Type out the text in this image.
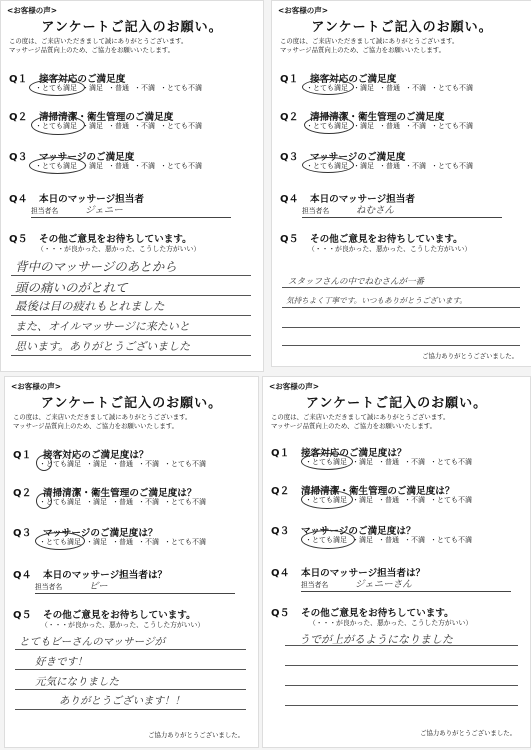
<お客様の声>
アンケートご記入のお願い。
この度は、ご来店いただきまして誠にありがとうございます。
マッサージ品質向上のため、ご協力をお願いいたします。
Q１ 接客対応のご満足度
・とても満足 ・満足 ・普通 ・不満 ・とても不満
Q２ 清掃清潔・衛生管理のご満足度
・とても満足 ・満足 ・普通 ・不満 ・とても不満
Q３ マッサージのご満足度
・とても満足 ・満足 ・普通 ・不満 ・とても不満
Q４ 本日のマッサージ担当者
担当者名	ジェニー
Q５ その他ご意見をお待ちしています。
（・・・が良かった、悪かった、こうした方がいい）
背中のマッサージのあとから
頭の痛いのがとれて
最後は目の疲れもとれました
また、オイルマッサージに来たいと
思います。ありがとうございました
<お客様の声>
アンケートご記入のお願い。
この度は、ご来店いただきまして誠にありがとうございます。
マッサージ品質向上のため、ご協力をお願いいたします。
Q１ 接客対応のご満足度
・とても満足 ・満足 ・普通 ・不満 ・とても不満
Q２ 清掃清潔・衛生管理のご満足度
・とても満足 ・満足 ・普通 ・不満 ・とても不満
Q３ マッサージのご満足度
・とても満足 ・満足 ・普通 ・不満 ・とても不満
Q４ 本日のマッサージ担当者
担当者名	ねむさん
Q５ その他ご意見をお待ちしています。
（・・・が良かった、悪かった、こうした方がいい）
スタッフさんの中でねむさんが一番
気持ちよく丁寧です。いつもありがとうございます。
ご協力ありがとうございました。
<お客様の声>
アンケートご記入のお願い。
この度は、ご来店いただきまして誠にありがとうございます。
マッサージ品質向上のため、ご協力をお願いいたします。
Q１ 接客対応のご満足度は？
・とても満足 ・満足 ・普通 ・不満 ・とても不満
Q２ 清掃清潔・衛生管理のご満足度は？
・とても満足 ・満足 ・普通 ・不満 ・とても不満
Q３ マッサージのご満足度は？
・とても満足 ・満足 ・普通 ・不満 ・とても不満
Q４ 本日のマッサージ担当者は？
担当者名	ビー
Q５ その他ご意見をお待ちしています。
（・・・が良かった、悪かった、こうした方がいい）
とてもビーさんのマッサージが
好きです！
元気になりました
ありがとうございます！！
ご協力ありがとうございました。
<お客様の声>
アンケートご記入のお願い。
この度は、ご来店いただきまして誠にありがとうございます。
マッサージ品質向上のため、ご協力をお願いいたします。
Q１ 接客対応のご満足度は？
・とても満足 ・満足 ・普通 ・不満 ・とても不満
Q２ 清掃清潔・衛生管理のご満足度は？
・とても満足 ・満足 ・普通 ・不満 ・とても不満
Q３ マッサージのご満足度は？
・とても満足 ・満足 ・普通 ・不満 ・とても不満
Q４ 本日のマッサージ担当者は？
担当者名	ジェニーさん
Q５ その他ご意見をお待ちしています。
（・・・が良かった、悪かった、こうした方がいい）
うでが上がるようになりました
ご協力ありがとうございました。
